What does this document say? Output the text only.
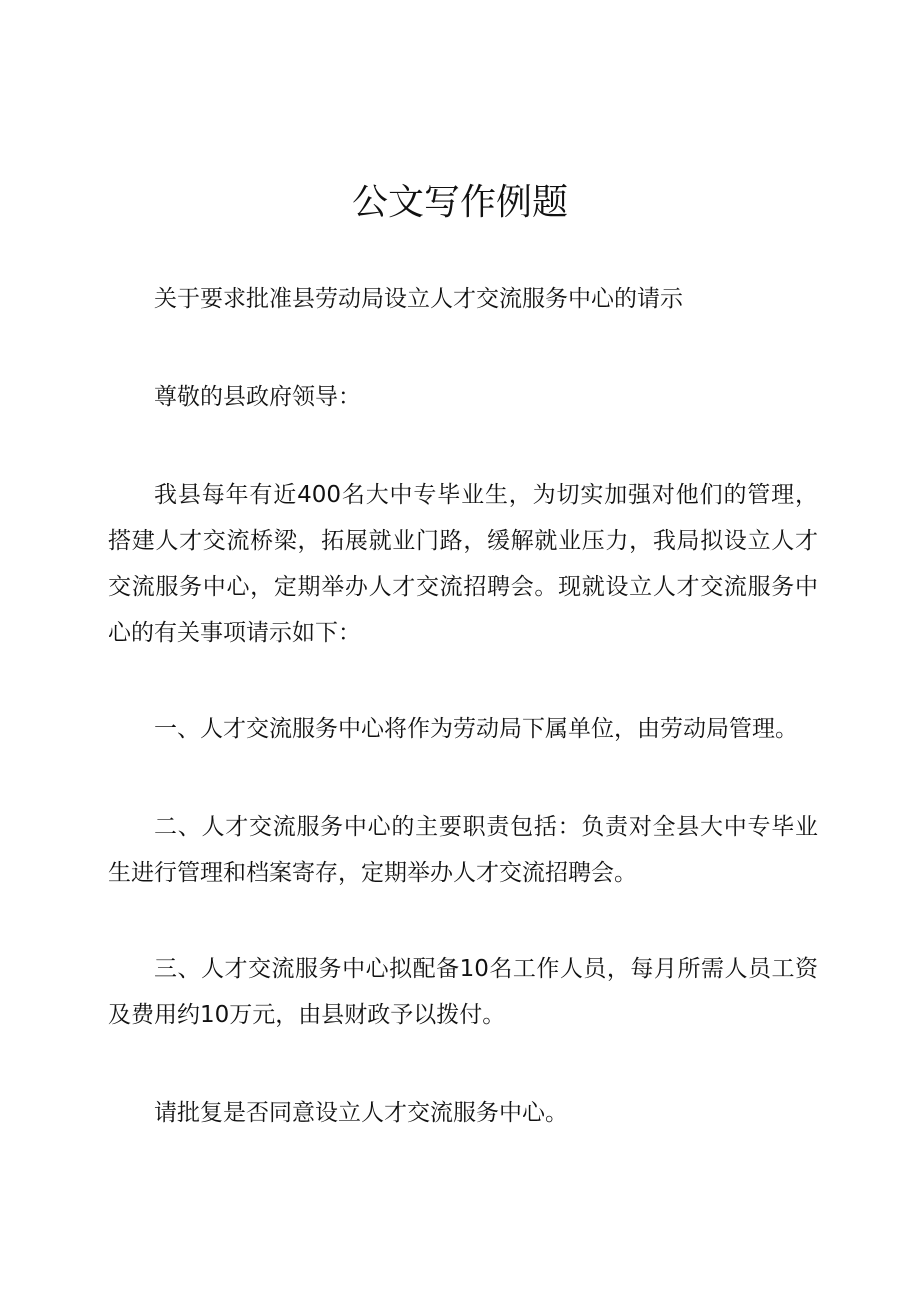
公文写作例题

关于要求批准县劳动局设立人才交流服务中心的请示

尊敬的县政府领导：

我县每年有近400名大中专毕业生，为切实加强对他们的管理，搭建人才交流桥梁，拓展就业门路，缓解就业压力，我局拟设立人才交流服务中心，定期举办人才交流招聘会。现就设立人才交流服务中心的有关事项请示如下：

一、人才交流服务中心将作为劳动局下属单位，由劳动局管理。

二、人才交流服务中心的主要职责包括：负责对全县大中专毕业生进行管理和档案寄存，定期举办人才交流招聘会。

三、人才交流服务中心拟配备10名工作人员，每月所需人员工资及费用约10万元，由县财政予以拨付。

请批复是否同意设立人才交流服务中心。
